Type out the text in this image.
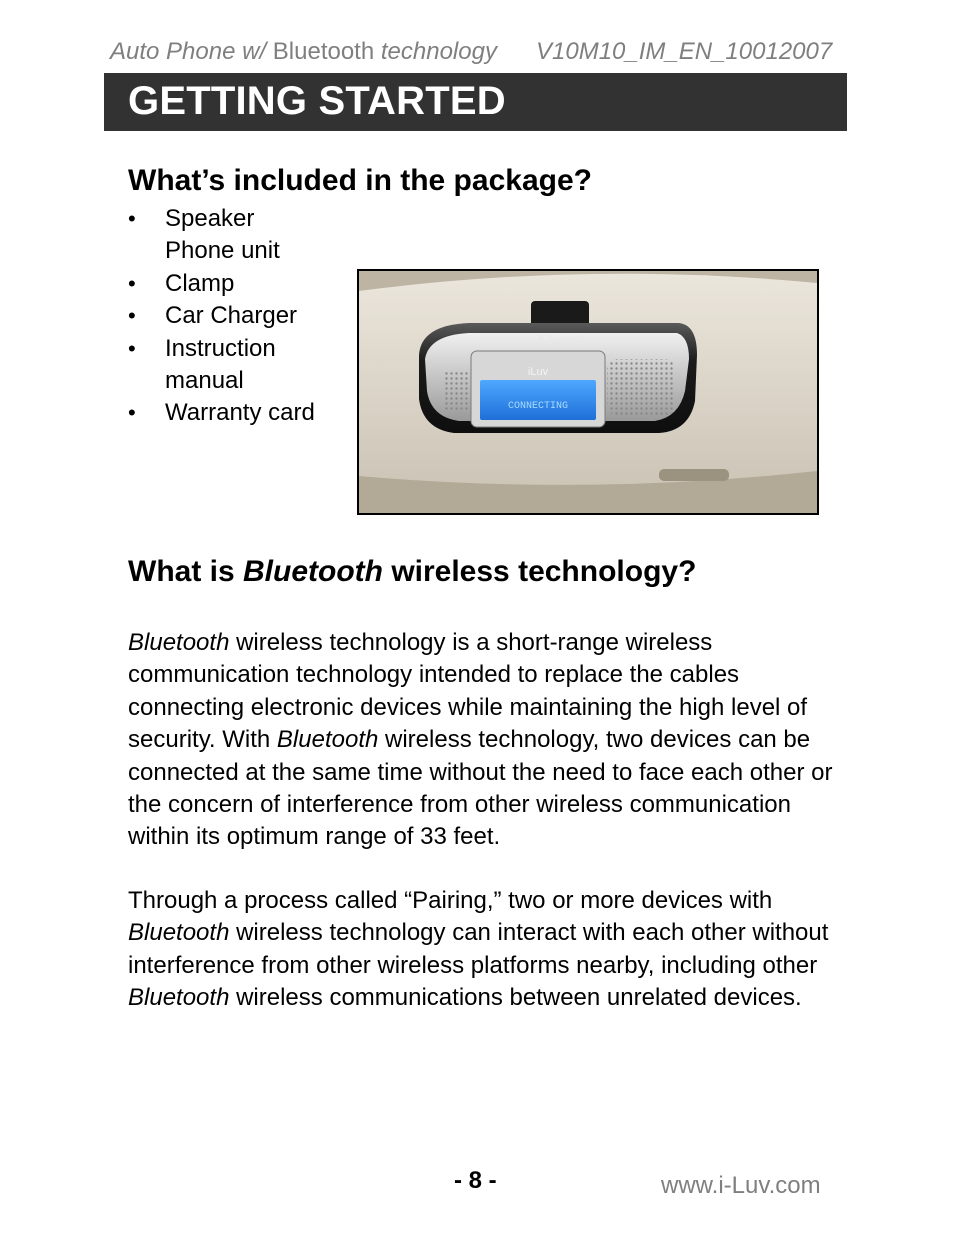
Auto Phone w/ Bluetooth technology V10M10_IM_EN_10012007
GETTING STARTED
What’s included in the package?
• Speaker Phone unit
• Clamp
• Car Charger
• Instruction manual
• Warranty card
iLuv
CONNECTING
Bluetooth
What is Bluetooth wireless technology?

Bluetooth wireless technology is a short-range wireless communication technology intended to replace the cables connecting electronic devices while maintaining the high level of security. With Bluetooth wireless technology, two devices can be connected at the same time without the need to face each other or the concern of interference from other wireless communication within its optimum range of 33 feet.

Through a process called “Pairing,” two or more devices with Bluetooth wireless technology can interact with each other without interference from other wireless platforms nearby, including other Bluetooth wireless communications between unrelated devices.

- 8 -	www.i-Luv.com
